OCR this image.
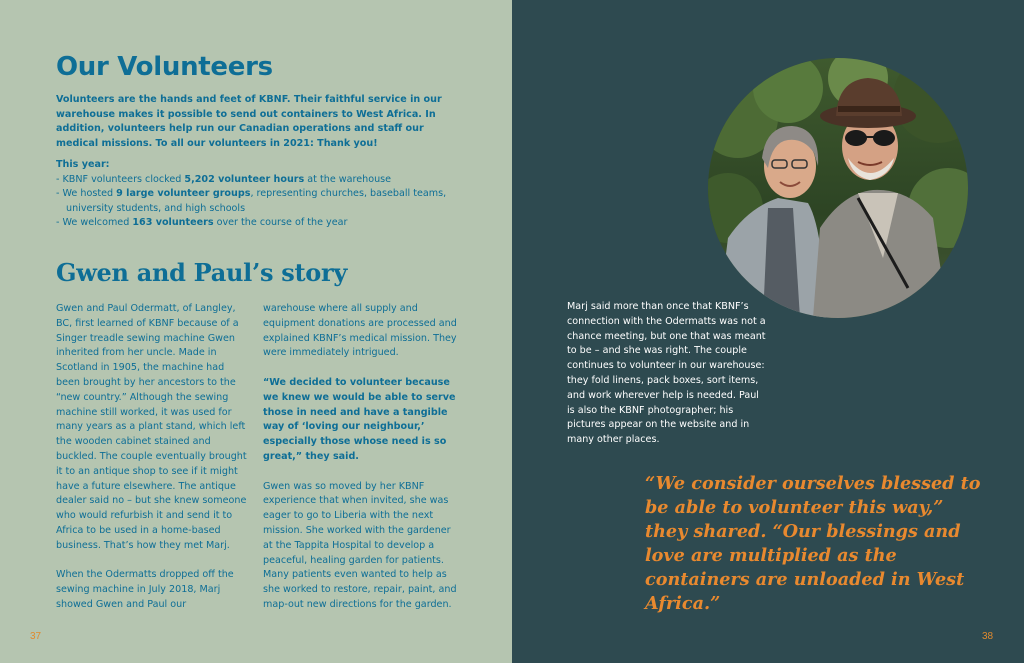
Our Volunteers

Volunteers are the hands and feet of KBNF. Their faithful service in our warehouse makes it possible to send out containers to West Africa. In addition, volunteers help run our Canadian operations and staff our medical missions. To all our volunteers in 2021: Thank you!

This year:
- KBNF volunteers clocked 5,202 volunteer hours at the warehouse
- We hosted 9 large volunteer groups, representing churches, baseball teams,
university students, and high schools
- We welcomed 163 volunteers over the course of the year
Gwen and Paul’s story

Gwen and Paul Odermatt, of Langley, BC, first learned of KBNF because of a Singer treadle sewing machine Gwen inherited from her uncle. Made in Scotland in 1905, the machine had been brought by her ancestors to the “new country.” Although the sewing machine still worked, it was used for many years as a plant stand, which left the wooden cabinet stained and buckled. The couple eventually brought it to an antique shop to see if it might have a future elsewhere. The antique dealer said no – but she knew someone who would refurbish it and send it to Africa to be used in a home-based business. That’s how they met Marj.

When the Odermatts dropped off the sewing machine in July 2018, Marj showed Gwen and Paul our

warehouse where all supply and equipment donations are processed and explained KBNF’s medical mission. They were immediately intrigued.

“We decided to volunteer because we knew we would be able to serve those in need and have a tangible way of ‘loving our neighbour,’ especially those whose need is so great,” they said.

Gwen was so moved by her KBNF experience that when invited, she was eager to go to Liberia with the next mission. She worked with the gardener at the Tappita Hospital to develop a peaceful, healing garden for patients. Many patients even wanted to help as she worked to restore, repair, paint, and map-out new directions for the garden.

37

Marj said more than once that KBNF’s connection with the Odermatts was not a chance meeting, but one that was meant to be – and she was right. The couple continues to volunteer in our warehouse: they fold linens, pack boxes, sort items, and work wherever help is needed. Paul is also the KBNF photographer; his pictures appear on the website and in many other places.

“We consider ourselves blessed to be able to volunteer this way,” they shared. “Our blessings and love are multiplied as the containers are unloaded in West Africa.”

38
